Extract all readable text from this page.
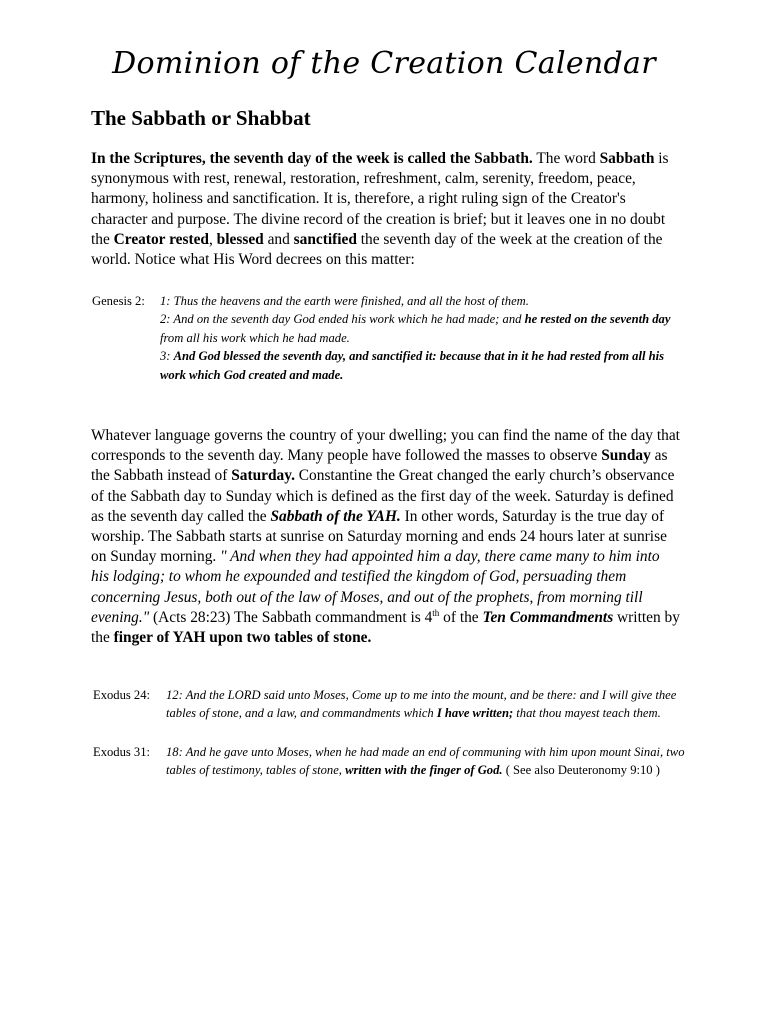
Dominion of the Creation Calendar
The Sabbath or Shabbat

In the Scriptures, the seventh day of the week is called the Sabbath. The word Sabbath is synonymous with rest, renewal, restoration, refreshment, calm, serenity, freedom, peace, harmony, holiness and sanctification. It is, therefore, a right ruling sign of the Creator's character and purpose. The divine record of the creation is brief; but it leaves one in no doubt the Creator rested, blessed and sanctified the seventh day of the week at the creation of the world. Notice what His Word decrees on this matter:

Genesis 2: 1: Thus the heavens and the earth were finished, and all the host of them.
2: And on the seventh day God ended his work which he had made; and he rested on the seventh day from all his work which he had made.
3: And God blessed the seventh day, and sanctified it: because that in it he had rested from all his work which God created and made.

Whatever language governs the country of your dwelling; you can find the name of the day that corresponds to the seventh day. Many people have followed the masses to observe Sunday as the Sabbath instead of Saturday. Constantine the Great changed the early church’s observance of the Sabbath day to Sunday which is defined as the first day of the week. Saturday is defined as the seventh day called the Sabbath of the YAH. In other words, Saturday is the true day of worship. The Sabbath starts at sunrise on Saturday morning and ends 24 hours later at sunrise on Sunday morning. " And when they had appointed him a day, there came many to him into his lodging; to whom he expounded and testified the kingdom of God, persuading them concerning Jesus, both out of the law of Moses, and out of the prophets, from morning till evening." (Acts 28:23) The Sabbath commandment is 4th of the Ten Commandments written by the finger of YAH upon two tables of stone.

Exodus 24: 12: And the LORD said unto Moses, Come up to me into the mount, and be there: and I will give thee tables of stone, and a law, and commandments which I have written; that thou mayest teach them.
Exodus 31: 18: And he gave unto Moses, when he had made an end of communing with him upon mount Sinai, two tables of testimony, tables of stone, written with the finger of God. ( See also Deuteronomy 9:10 )
